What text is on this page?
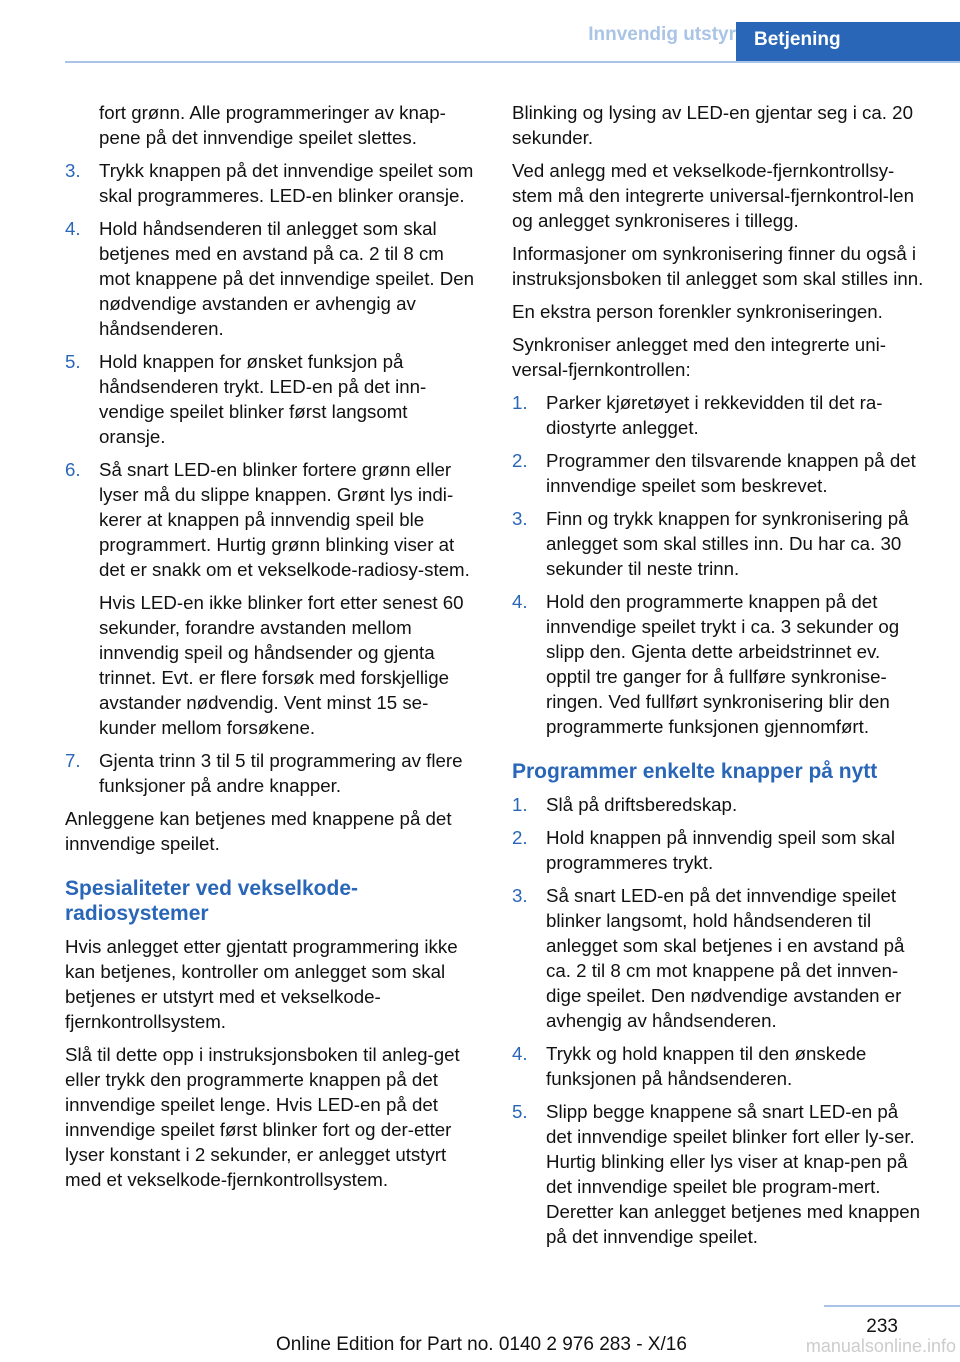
Innvendig utstyr Betjening
fort grønn. Alle programmeringer av knap-pene på det innvendige speilet slettes.
3. Trykk knappen på det innvendige speilet som skal programmeres. LED-en blinker oransje.
4. Hold håndsenderen til anlegget som skal betjenes med en avstand på ca. 2 til 8 cm mot knappene på det innvendige speilet. Den nødvendige avstanden er avhengig av håndsenderen.
5. Hold knappen for ønsket funksjon på håndsenderen trykt. LED-en på det inn-vendige speilet blinker først langsomt oransje.
6. Så snart LED-en blinker fortere grønn eller lyser må du slippe knappen. Grønt lys indi-kerer at knappen på innvendig speil ble programmert. Hurtig grønn blinking viser at det er snakk om et vekselkode-radiosy-stem.
Hvis LED-en ikke blinker fort etter senest 60 sekunder, forandre avstanden mellom innvendig speil og håndsender og gjenta trinnet. Evt. er flere forsøk med forskjellige avstander nødvendig. Vent minst 15 se-kunder mellom forsøkene.
7. Gjenta trinn 3 til 5 til programmering av flere funksjoner på andre knapper.

Anleggene kan betjenes med knappene på det innvendige speilet.

Spesialiteter ved vekselkode-radiosystemer

Hvis anlegget etter gjentatt programmering ikke kan betjenes, kontroller om anlegget som skal betjenes er utstyrt med et vekselkode-fjernkontrollsystem.

Slå til dette opp i instruksjonsboken til anleg-get eller trykk den programmerte knappen på det innvendige speilet lenge. Hvis LED-en på det innvendige speilet først blinker fort og der-etter lyser konstant i 2 sekunder, er anlegget utstyrt med et vekselkode-fjernkontrollsystem.

Blinking og lysing av LED-en gjentar seg i ca. 20 sekunder.

Ved anlegg med et vekselkode-fjernkontrollsy-stem må den integrerte universal-fjernkontrol-len og anlegget synkroniseres i tillegg.

Informasjoner om synkronisering finner du også i instruksjonsboken til anlegget som skal stilles inn.

En ekstra person forenkler synkroniseringen.

Synkroniser anlegget med den integrerte uni-versal-fjernkontrollen:

1. Parker kjøretøyet i rekkevidden til det ra-diostyrte anlegget.
2. Programmer den tilsvarende knappen på det innvendige speilet som beskrevet.
3. Finn og trykk knappen for synkronisering på anlegget som skal stilles inn. Du har ca. 30 sekunder til neste trinn.
4. Hold den programmerte knappen på det innvendige speilet trykt i ca. 3 sekunder og slipp den. Gjenta dette arbeidstrinnet ev. opptil tre ganger for å fullføre synkronise-ringen. Ved fullført synkronisering blir den programmerte funksjonen gjennomført.
Programmer enkelte knapper på nytt
1. Slå på driftsberedskap.
2. Hold knappen på innvendig speil som skal programmeres trykt.
3. Så snart LED-en på det innvendige speilet blinker langsomt, hold håndsenderen til anlegget som skal betjenes i en avstand på ca. 2 til 8 cm mot knappene på det innven-dige speilet. Den nødvendige avstanden er avhengig av håndsenderen.
4. Trykk og hold knappen til den ønskede funksjonen på håndsenderen.
5. Slipp begge knappene så snart LED-en på det innvendige speilet blinker fort eller ly-ser. Hurtig blinking eller lys viser at knap-pen på det innvendige speilet ble program-mert. Deretter kan anlegget betjenes med knappen på det innvendige speilet.
233
Online Edition for Part no. 0140 2 976 283 - X/16	manualsonline.info
